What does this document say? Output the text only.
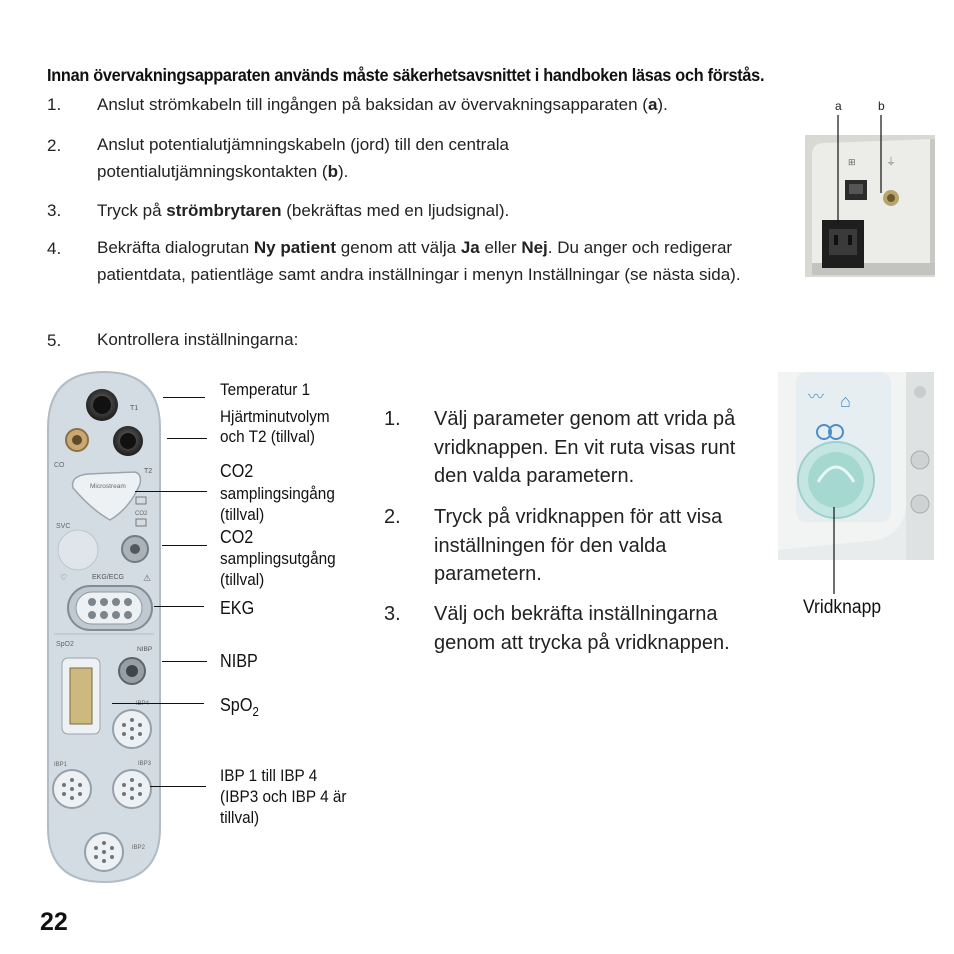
Innan övervakningsapparaten används måste säkerhetsavsnittet i handboken läsas och förstås.
1. Anslut strömkabeln till ingången på baksidan av övervakningsapparaten (a).
2. Anslut potentialutjämningskabeln (jord) till den centrala potentialutjämningskontakten (b).
3. Tryck på strömbrytaren (bekräftas med en ljudsignal).
4. Bekräfta dialogrutan Ny patient genom att välja Ja eller Nej. Du anger och redigerar patientdata, patientläge samt andra inställningar i menyn Inställningar (se nästa sida).
5. Kontrollera inställningarna:
a	b
⊞	⏚
T1
CO
T2
Microstream
CO2
SVC
EKG/ECG
♡	⚠
SpO2
NIBP
IBP4
IBP1	IBP3
IBP2
Temperatur 1
Hjärtminutvolym och T2 (tillval)
CO2
samplingsingång (tillval)
CO2
samplingsutgång (tillval)
EKG
NIBP
SpO$_2$
IBP 1 till IBP 4 (IBP3 och IBP 4 är tillval)
1. Välj parameter genom att vrida på vridknappen. En vit ruta visas runt den valda parametern.
2. Tryck på vridknappen för att visa inställningen för den valda parametern.
3. Välj och bekräfta inställningarna genom att trycka på vridknappen.
〰 ⌂
Vridknapp
22
